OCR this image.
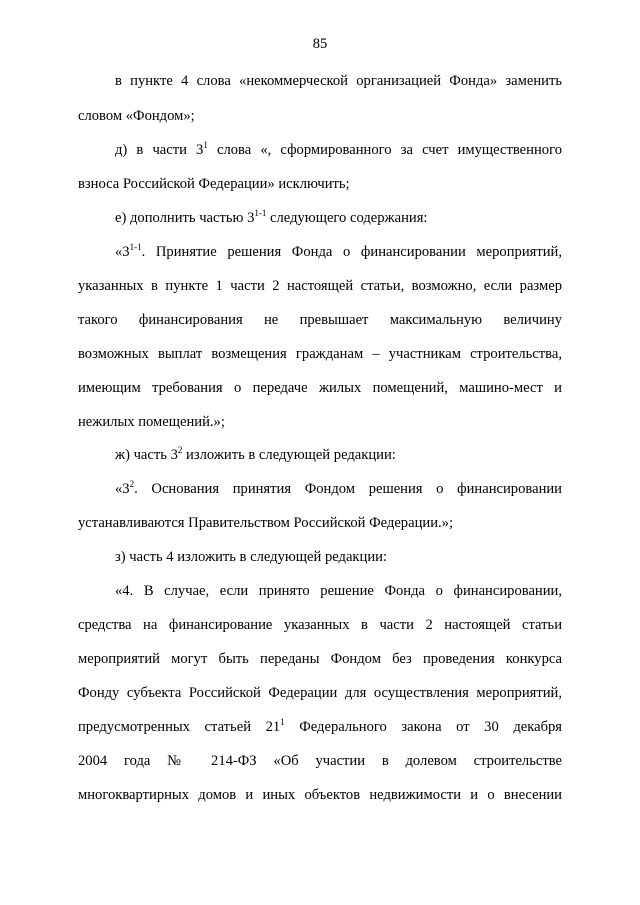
85
в пункте 4 слова «некоммерческой организацией Фонда» заменить
словом «Фондом»;
д) в части $3^1$ слова «, сформированного за счет имущественного
взноса Российской Федерации» исключить;
е) дополнить частью 3$^{1-1}$ следующего содержания:
«3$^{1-1}$. Принятие решения Фонда о финансировании мероприятий,
указанных в пункте 1 части 2 настоящей статьи, возможно, если размер
такого финансирования не превышает максимальную величину
возможных выплат возмещения гражданам – участникам строительства,
имеющим требования о передаче жилых помещений, машино-мест и
нежилых помещений.»;
ж) часть $3^2$ изложить в следующей редакции:
«$3^2$. Основания принятия Фондом решения о финансировании
устанавливаются Правительством Российской Федерации.»;
з) часть 4 изложить в следующей редакции:
«4. В случае, если принято решение Фонда о финансировании,
средства на финансирование указанных в части 2 настоящей статьи
мероприятий могут быть переданы Фондом без проведения конкурса
Фонду субъекта Российской Федерации для осуществления мероприятий,
предусмотренных статьей $21^1$ Федерального закона от 30 декабря
2004 года № 214-ФЗ «Об участии в долевом строительстве
многоквартирных домов и иных объектов недвижимости и о внесении
